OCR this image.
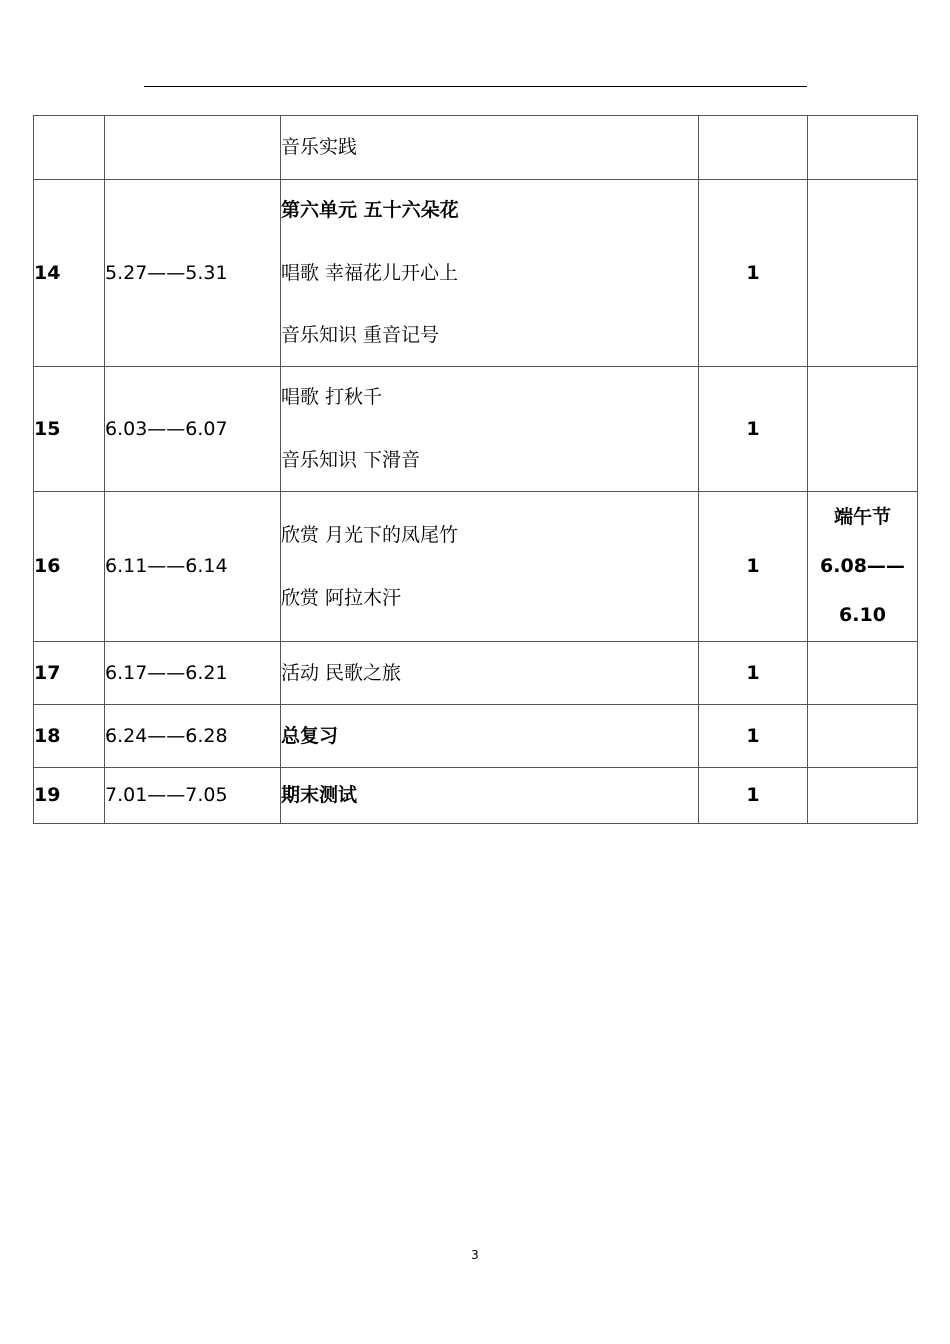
		音乐实践		

14	5.27——5.31	第六单元 五十六朵花
唱歌 幸福花儿开心上
音乐知识 重音记号	1	
15	6.03——6.07	唱歌 打秋千
音乐知识 下滑音	1	
16	6.11——6.14	欣赏 月光下的凤尾竹
欣赏 阿拉木汗	1	端午节
6.08——
6.10

17	6.17——6.21	活动 民歌之旅	1	
18	6.24——6.28	总复习	1	
19	7.01——7.05	期末测试	1	
3
